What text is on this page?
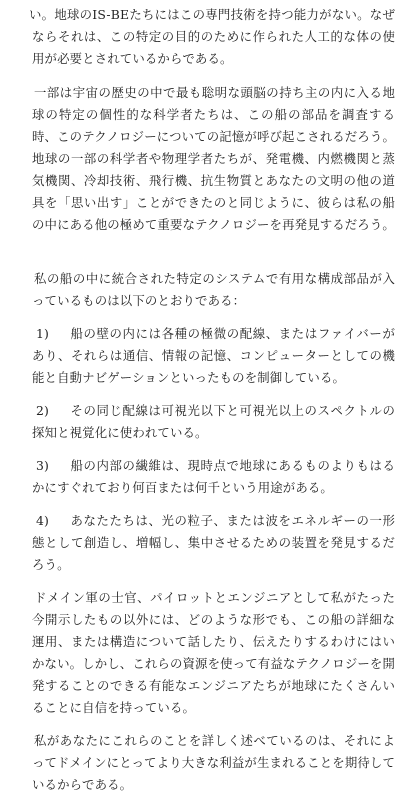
い。地球のIS-BEたちにはこの専門技術を持つ能力がない。なぜならそれは、この特定の目的のために作られた人工的な体の使用が必要とされているからである。

一部は宇宙の歴史の中で最も聡明な頭脳の持ち主の内に入る地球の特定の個性的な科学者たちは、この船の部品を調査する時、このテクノロジーについての記憶が呼び起こされるだろう。地球の一部の科学者や物理学者たちが、発電機、内燃機関と蒸気機関、冷却技術、飛行機、抗生物質とあなたの文明の他の道具を「思い出す」ことができたのと同じように、彼らは私の船の中にある他の極めて重要なテクノロジーを再発見するだろう。

私の船の中に統合された特定のシステムで有用な構成部品が入っているものは以下のとおりである：

1) 船の壁の内には各種の極微の配線、またはファイバーがあり、それらは通信、情報の記憶、コンピューターとしての機能と自動ナビゲーションといったものを制御している。

2) その同じ配線は可視光以下と可視光以上のスペクトルの探知と視覚化に使われている。

3) 船の内部の繊維は、現時点で地球にあるものよりもはるかにすぐれており何百または何千という用途がある。

4) あなたたちは、光の粒子、または波をエネルギーの一形態として創造し、増幅し、集中させるための装置を発見するだろう。

ドメイン軍の士官、パイロットとエンジニアとして私がたった今開示したもの以外には、どのような形でも、この船の詳細な運用、または構造について話したり、伝えたりするわけにはいかない。しかし、これらの資源を使って有益なテクノロジーを開発することのできる有能なエンジニアたちが地球にたくさんいることに自信を持っている。

私があなたにこれらのことを詳しく述べているのは、それによってドメインにとってより大きな利益が生まれることを期待しているからである。
